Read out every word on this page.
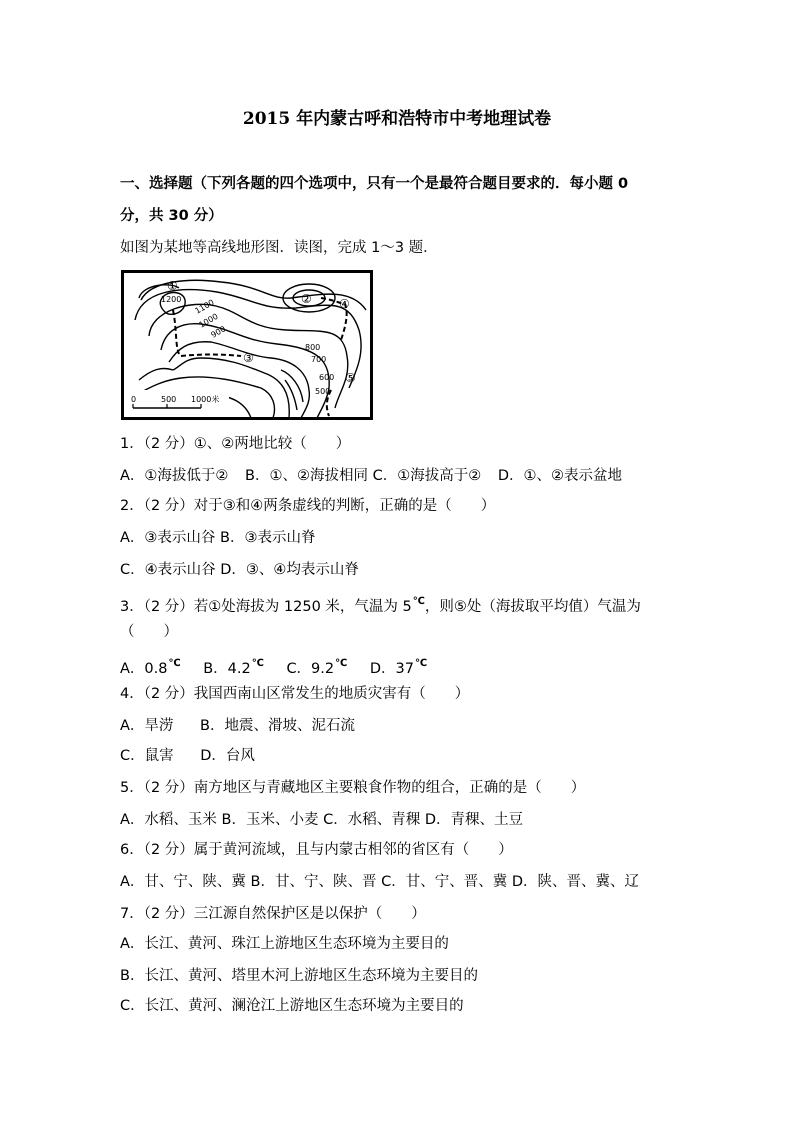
2015 年内蒙古呼和浩特市中考地理试卷
一、选择题（下列各题的四个选项中，只有一个是最符合题目要求的．每小题 0
分，共 30 分）
如图为某地等高线地形图．读图，完成 1～3 题．
①
②
③
④
⑤
1200 1100
1000
900
800
700
600
500
0	500 1000米
1．（2 分）①、②两地比较（　　）
A．①海拔低于② B．①、②海拔相同 C．①海拔高于② D．①、②表示盆地
2．（2 分）对于③和④两条虚线的判断，正确的是（　　）
A．③表示山谷 B．③表示山脊
C．④表示山谷 D．③、④均表示山脊
3．（2 分）若①处海拔为 1250 米，气温为 5℃，则⑤处（海拔取平均值）气温为
（　　）
A．0.8℃ B．4.2℃ C．9.2℃ D．37℃
4．（2 分）我国西南山区常发生的地质灾害有（　　）
A．旱涝 B．地震、滑坡、泥石流
C．鼠害 D．台风
5．（2 分）南方地区与青藏地区主要粮食作物的组合，正确的是（　　）
A．水稻、玉米 B．玉米、小麦 C．水稻、青稞 D．青稞、土豆
6．（2 分）属于黄河流域，且与内蒙古相邻的省区有（　　）
A．甘、宁、陕、冀 B．甘、宁、陕、晋 C．甘、宁、晋、冀 D．陕、晋、冀、辽
7．（2 分）三江源自然保护区是以保护（　　）
A．长江、黄河、珠江上游地区生态环境为主要目的
B．长江、黄河、塔里木河上游地区生态环境为主要目的
C．长江、黄河、澜沧江上游地区生态环境为主要目的
